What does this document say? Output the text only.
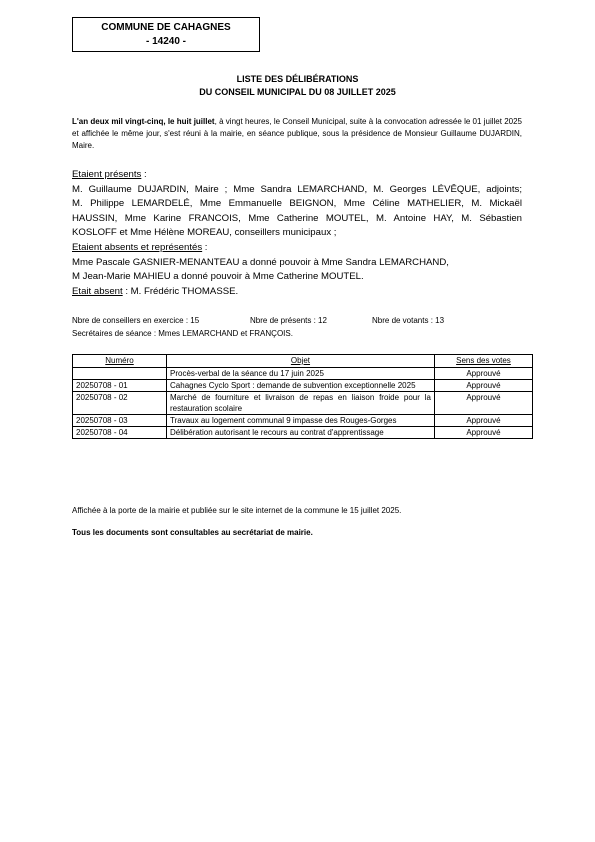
COMMUNE DE CAHAGNES
- 14240 -
LISTE DES DÉLIBÉRATIONS
DU CONSEIL MUNICIPAL DU 08 JUILLET 2025
L'an deux mil vingt-cinq, le huit juillet, à vingt heures, le Conseil Municipal, suite à la convocation adressée le 01 juillet 2025 et affichée le même jour, s'est réuni à la mairie, en séance publique, sous la présidence de Monsieur Guillaume DUJARDIN, Maire.
Etaient présents :
M. Guillaume DUJARDIN, Maire ; Mme Sandra LEMARCHAND, M. Georges LÉVÊQUE, adjoints;
M. Philippe LEMARDELÉ, Mme Emmanuelle BEIGNON, Mme Céline MATHELIER, M. Mickaël
HAUSSIN, Mme Karine FRANCOIS, Mme Catherine MOUTEL, M. Antoine HAY, M. Sébastien
KOSLOFF et Mme Hélène MOREAU, conseillers municipaux ;
Etaient absents et représentés :
Mme Pascale GASNIER-MENANTEAU a donné pouvoir à Mme Sandra LEMARCHAND,
M Jean-Marie MAHIEU a donné pouvoir à Mme Catherine MOUTEL.
Etait absent : M. Frédéric THOMASSE.
Nbre de conseillers en exercice : 15	Nbre de présents : 12	Nbre de votants : 13
Secrétaires de séance : Mmes LEMARCHAND et FRANÇOIS.
Numéro	Objet	Sens des votes
	Procès-verbal de la séance du 17 juin 2025	Approuvé
20250708 - 01	Cahagnes Cyclo Sport : demande de subvention exceptionnelle 2025	Approuvé
20250708 - 02	Marché de fourniture et livraison de repas en liaison froide pour la restauration scolaire	Approuvé
20250708 - 03	Travaux au logement communal 9 impasse des Rouges-Gorges	Approuvé
20250708 - 04	Délibération autorisant le recours au contrat d'apprentissage	Approuvé
Affichée à la porte de la mairie et publiée sur le site internet de la commune le 15 juillet 2025.
Tous les documents sont consultables au secrétariat de mairie.
